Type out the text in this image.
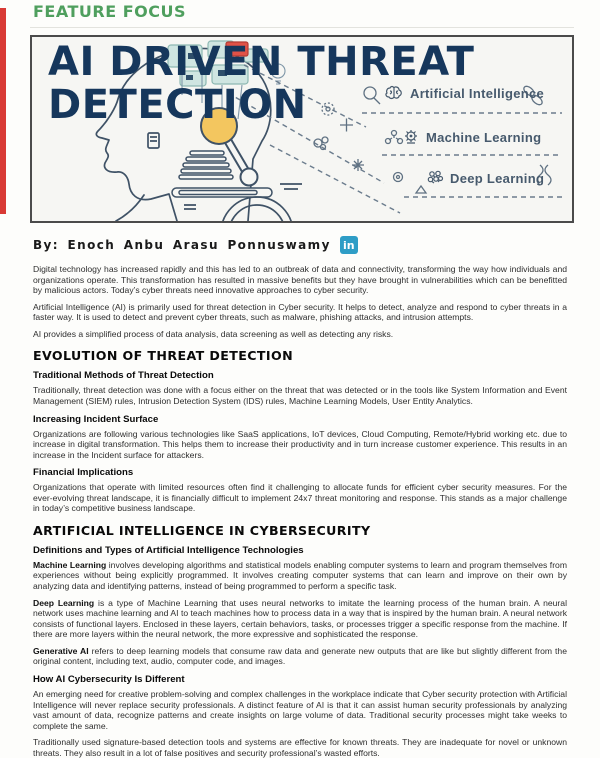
FEATURE FOCUS
AI DRIVEN THREAT
DETECTION	Artificial Intelligence
Machine Learning
Deep Learning
By: Enoch Anbu Arasu Ponnuswamy in

Digital technology has increased rapidly and this has led to an outbreak of data and connectivity, transforming the way how individuals and organizations operate. This transformation has resulted in massive benefits but they have brought in vulnerabilities which can be benefitted by malicious actors. Today’s cyber threats need innovative approaches to cyber security.

Artificial Intelligence (AI) is primarily used for threat detection in Cyber security. It helps to detect, analyze and respond to cyber threats in a faster way. It is used to detect and prevent cyber threats, such as malware, phishing attacks, and intrusion attempts.

AI provides a simplified process of data analysis, data screening as well as detecting any risks.

EVOLUTION OF THREAT DETECTION
Traditional Methods of Threat Detection

Traditionally, threat detection was done with a focus either on the threat that was detected or in the tools like System Information and Event Management (SIEM) rules, Intrusion Detection System (IDS) rules, Machine Learning Models, User Entity Analytics.

Increasing Incident Surface

Organizations are following various technologies like SaaS applications, IoT devices, Cloud Computing, Remote/Hybrid working etc. due to increase in digital transformation. This helps them to increase their productivity and in turn increase customer experience. This results in an increase in the Incident surface for attackers.

Financial Implications

Organizations that operate with limited resources often find it challenging to allocate funds for efficient cyber security measures. For the ever-evolving threat landscape, it is financially difficult to implement 24x7 threat monitoring and response. This stands as a major challenge in today’s competitive business landscape.

ARTIFICIAL INTELLIGENCE IN CYBERSECURITY
Definitions and Types of Artificial Intelligence Technologies

Machine Learning involves developing algorithms and statistical models enabling computer systems to learn and program themselves from experiences without being explicitly programmed. It involves creating computer systems that can learn and improve on their own by analyzing data and identifying patterns, instead of being programmed to perform a specific task.

Deep Learning is a type of Machine Learning that uses neural networks to imitate the learning process of the human brain. A neural network uses machine learning and AI to teach machines how to process data in a way that is inspired by the human brain. A neural network consists of functional layers. Enclosed in these layers, certain behaviors, tasks, or processes trigger a specific response from the machine. If there are more layers within the neural network, the more expressive and sophisticated the response.

Generative AI refers to deep learning models that consume raw data and generate new outputs that are like but slightly different from the original content, including text, audio, computer code, and images.

How AI Cybersecurity Is Different

An emerging need for creative problem-solving and complex challenges in the workplace indicate that Cyber security protection with Artificial Intelligence will never replace security professionals. A distinct feature of AI is that it can assist human security professionals by analyzing vast amount of data, recognize patterns and create insights on large volume of data. Traditional security processes might take weeks to complete the same.

Traditionally used signature-based detection tools and systems are effective for known threats. They are inadequate for novel or unknown threats. They also result in a lot of false positives and security professional’s wasted efforts.
